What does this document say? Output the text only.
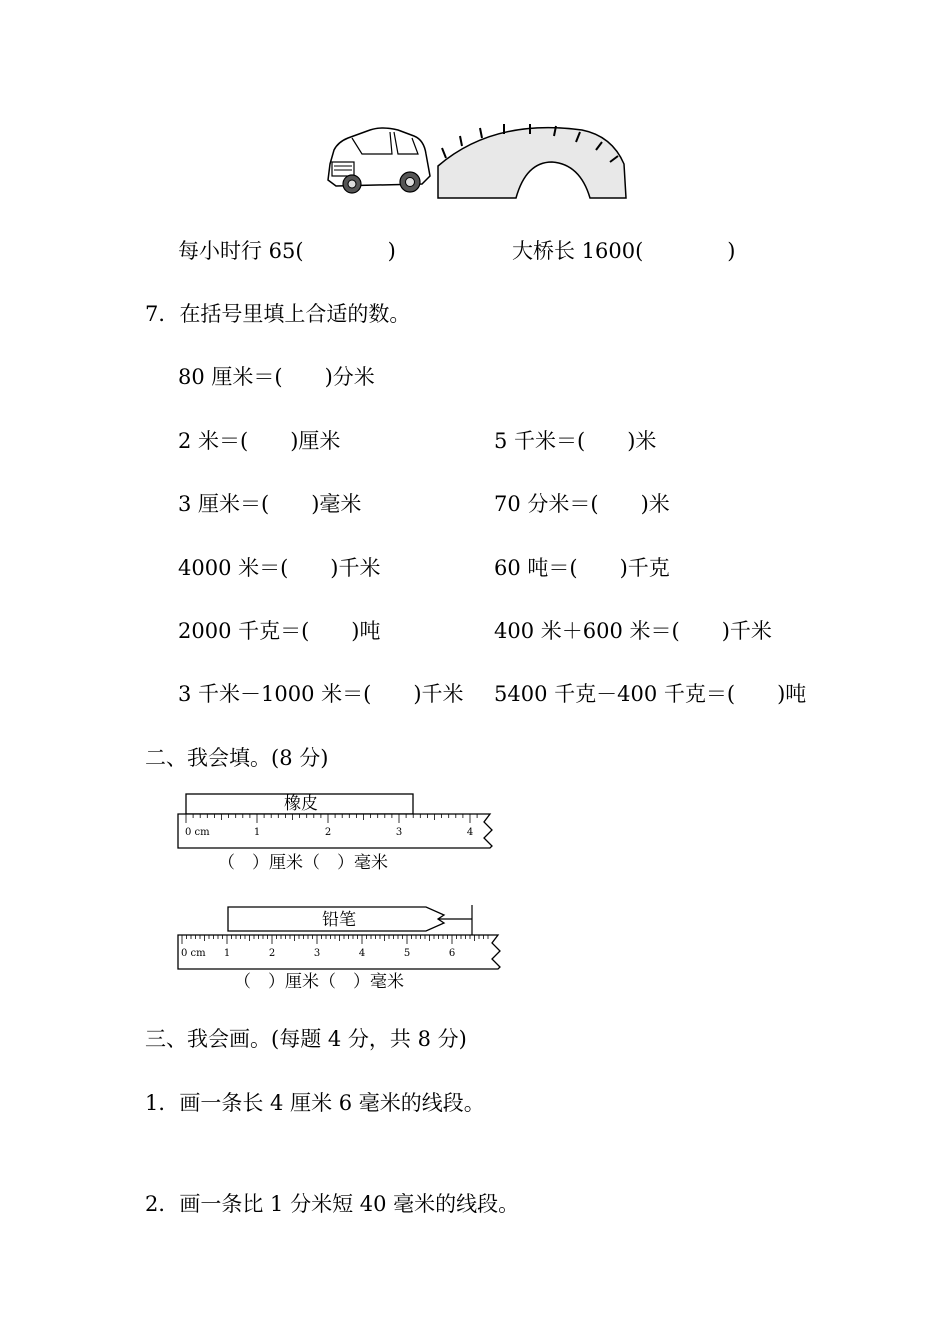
每小时行 65(　　　　)	大桥长 1600(　　　　)
7．在括号里填上合适的数。
80 厘米＝(　　)分米
2 米＝(　　)厘米	5 千米＝(　　)米
3 厘米＝(　　)毫米	70 分米＝(　　)米
4000 米＝(　　)千米	60 吨＝(　　)千克
2000 千克＝(　　)吨	400 米＋600 米＝(　　)千米
3 千米－1000 米＝(　　)千米 5400 千克－400 千克＝(　　)吨
二、我会填。(8 分)
0 cm	1	2	3	4
橡皮
（　）厘米（　）毫米
0 cm 1	2	3	4	5	6
铅笔
（　）厘米（　）毫米
三、我会画。(每题 4 分，共 8 分)
1．画一条长 4 厘米 6 毫米的线段。
2．画一条比 1 分米短 40 毫米的线段。
